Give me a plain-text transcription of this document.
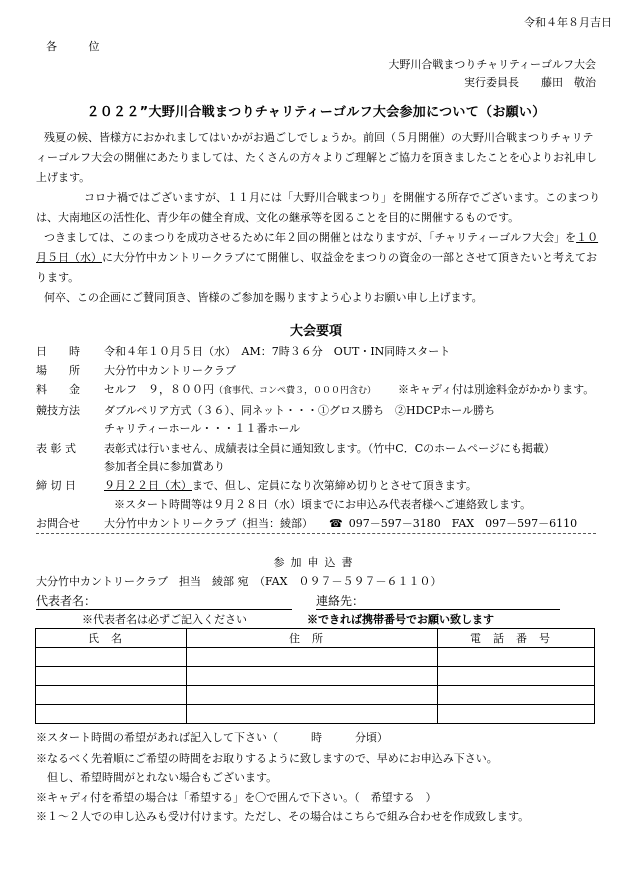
令和４年８月吉日
各 位
大野川合戦まつりチャリティーゴルフ大会
実行委員長　　藤田　敬治
２０２２”大野川合戦まつりチャリティーゴルフ大会参加について（お願い）

残夏の候、皆様方におかれましてはいかがお過ごしでしょうか。前回（５月開催）の大野川合戦まつりチャリティーゴルフ大会の開催にあたりましては、たくさんの方々よりご理解とご協力を頂きましたことを心よりお礼申し上げます。

コロナ禍ではございますが、１１月には「大野川合戦まつり」を開催する所存でございます。このまつりは、大南地区の活性化、青少年の健全育成、文化の継承等を図ることを目的に開催するものです。

つきましては、このまつりを成功させるために年２回の開催とはなりますが、「チャリティーゴルフ大会」を１０月５日（水）に大分竹中カントリークラブにて開催し、収益金をまつりの資金の一部とさせて頂きたいと考えております。

何卒、この企画にご賛同頂き、皆様のご参加を賜りますよう心よりお願い申し上げます。

大会要項
日　　時 令和４年１０月５日（水）　AM：7時３６分　OUT・IN同時スタート
場　　所 大分竹中カントリークラブ
料　　金 セルフ　９，８００円（食事代、コンペ費３，０００円含む） ※キャディ付は別途料金がかかります。
競技方法 ダブルペリア方式（３６）、同ネット・・・①グロス勝ち　②HDCPホール勝ち
チャリティーホール・・・１１番ホール
表 彰 式	表彰式は行いません、成績表は全員に通知致します。（竹中C．Cのホームページにも掲載）
参加者全員に参加賞あり
締 切 日	９月２２日（木）まで、但し、定員になり次第締め切りとさせて頂きます。
※スタート時間等は９月２８日（水）頃までにお申込み代表者様へご連絡致します。
お問合せ 大分竹中カントリークラブ（担当：綾部） ☎ 097－597－3180　FAX　097－597－6110
参加申込書
大分竹中カントリークラブ　担当　綾部 宛　（FAX　０９７－５９７－６１１０）
代表者名：	連絡先：
※代表者名は必ずご記入ください	※できれば携帯番号でお願い致します
氏名	住所	電話番号

※スタート時間の希望があれば記入して下さい（　　　時　　　分頃）
※なるべく先着順にご希望の時間をお取りするように致しますので、早めにお申込み下さい。
　但し、希望時間がとれない場合もございます。
※キャディ付を希望の場合は「希望する」を〇で囲んで下さい。（　希望する　）
※１～２人での申し込みも受け付けます。ただし、その場合はこちらで組み合わせを作成致します。
